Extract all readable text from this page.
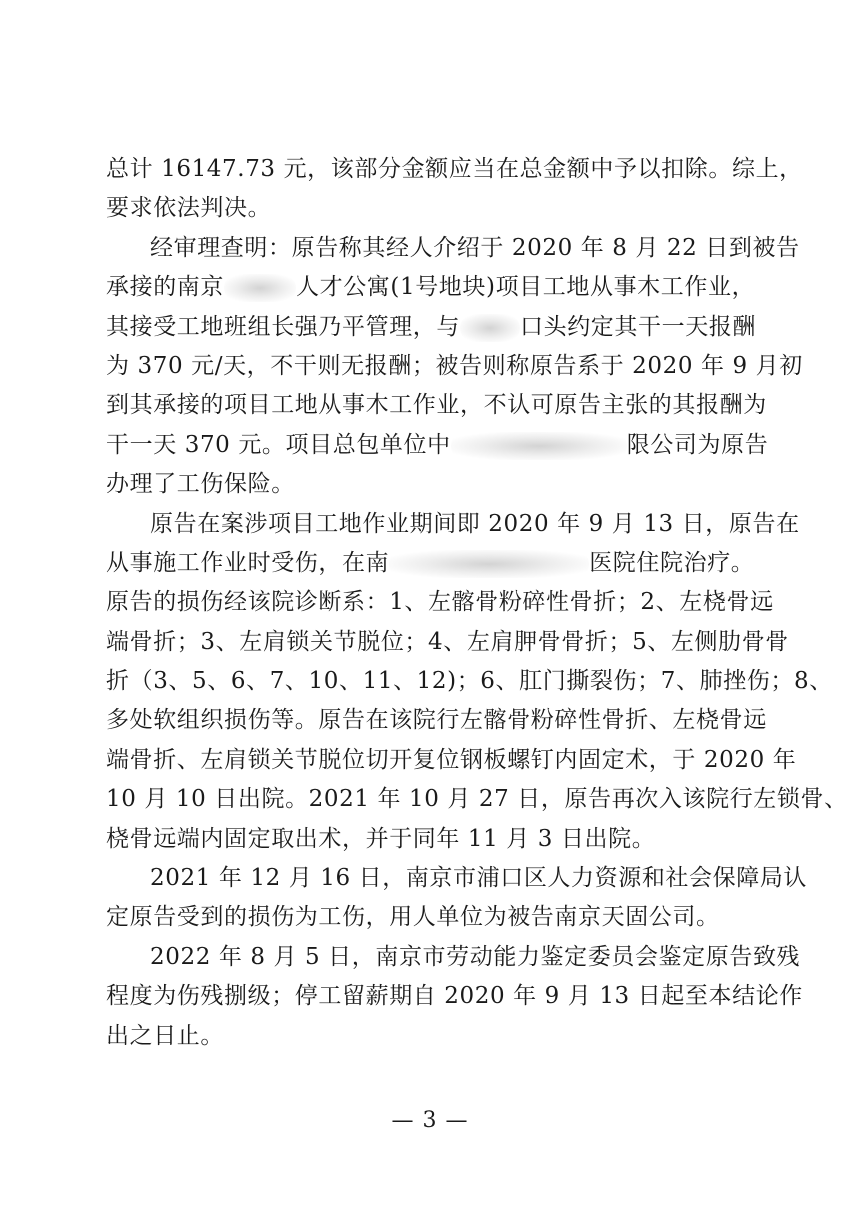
总计 16147.73 元，该部分金额应当在总金额中予以扣除。综上，
要求依法判决。
经审理查明：原告称其经人介绍于 2020 年 8 月 22 日到被告
承接的南京	人才公寓(1号地块)项目工地从事木工作业，
其接受工地班组长强乃平管理，与	口头约定其干一天报酬
为 370 元/天，不干则无报酬；被告则称原告系于 2020 年 9 月初
到其承接的项目工地从事木工作业，不认可原告主张的其报酬为
干一天 370 元。项目总包单位中	限公司为原告
办理了工伤保险。
原告在案涉项目工地作业期间即 2020 年 9 月 13 日，原告在
从事施工作业时受伤，在南	医院住院治疗。
原告的损伤经该院诊断系：1、左髂骨粉碎性骨折；2、左桡骨远
端骨折；3、左肩锁关节脱位；4、左肩胛骨骨折；5、左侧肋骨骨
折（3、5、6、7、10、11、12)；6、肛门撕裂伤；7、肺挫伤；8、
多处软组织损伤等。原告在该院行左髂骨粉碎性骨折、左桡骨远
端骨折、左肩锁关节脱位切开复位钢板螺钉内固定术，于 2020 年
10 月 10 日出院。2021 年 10 月 27 日，原告再次入该院行左锁骨、
桡骨远端内固定取出术，并于同年 11 月 3 日出院。
2021 年 12 月 16 日，南京市浦口区人力资源和社会保障局认
定原告受到的损伤为工伤，用人单位为被告南京天固公司。
2022 年 8 月 5 日，南京市劳动能力鉴定委员会鉴定原告致残
程度为伤残捌级；停工留薪期自 2020 年 9 月 13 日起至本结论作
出之日止。
— 3 —
